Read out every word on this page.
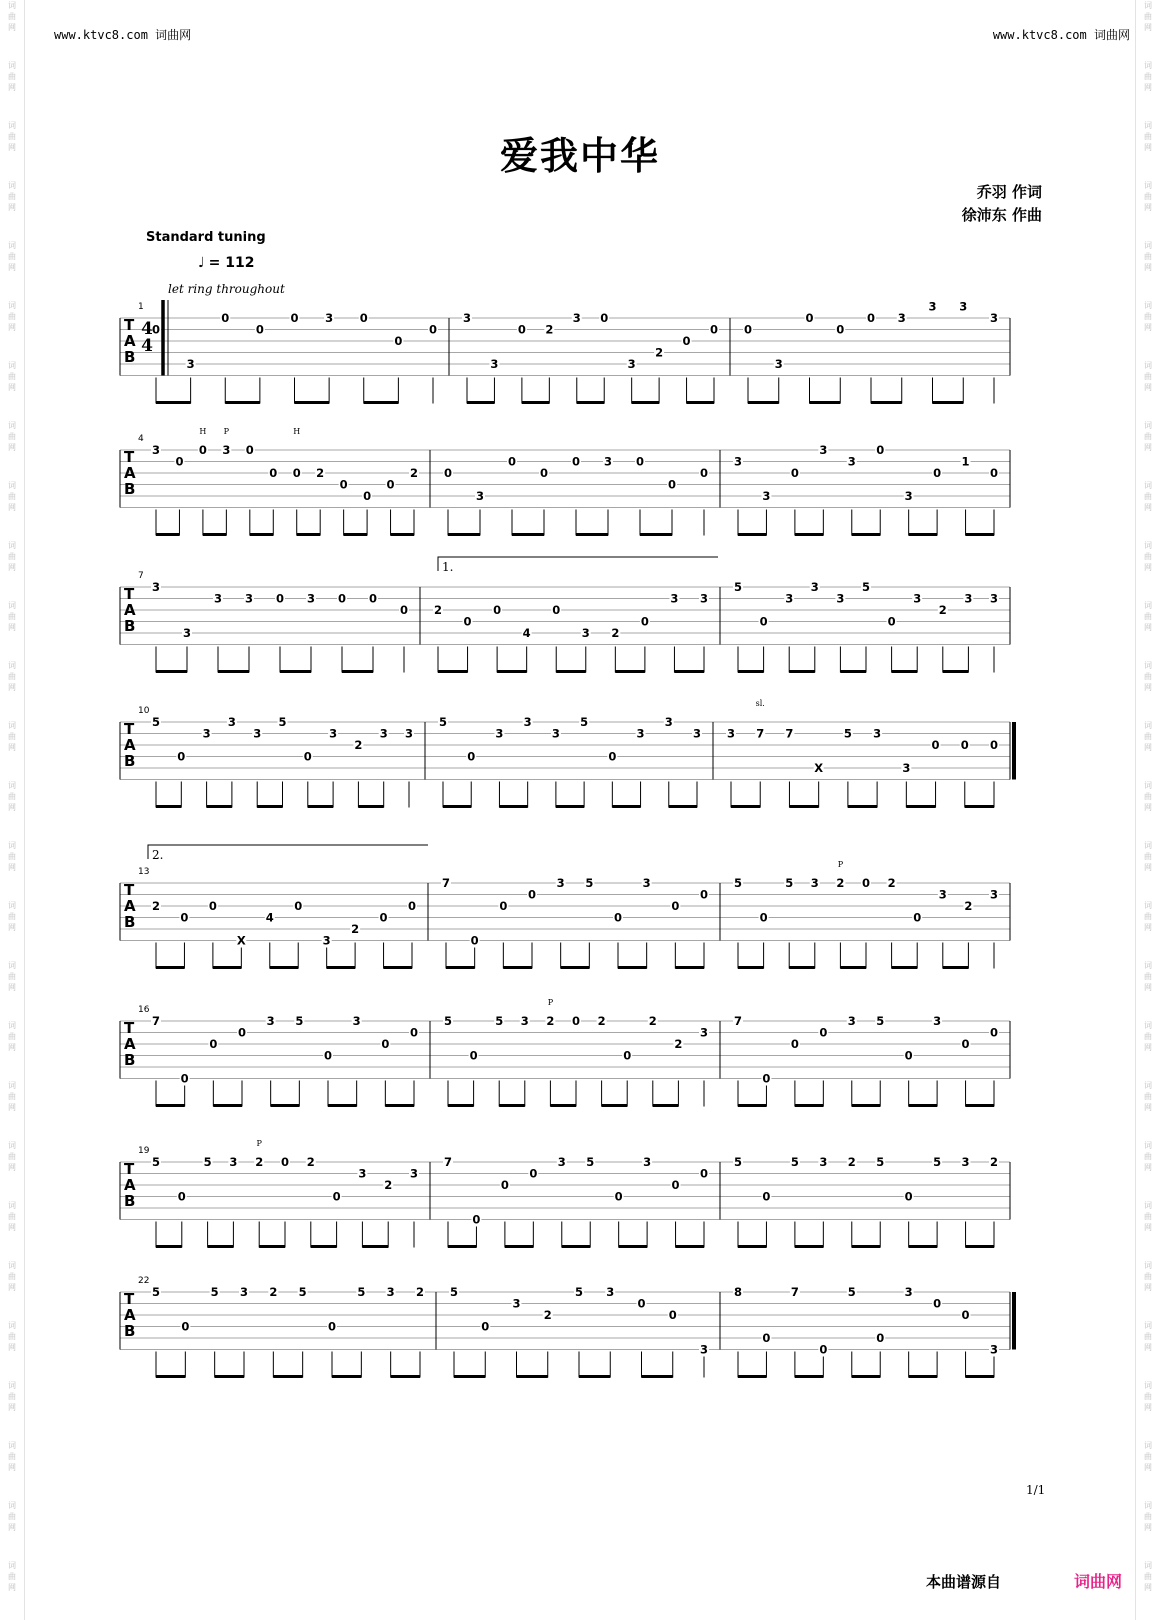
词
曲
网
词
曲
网
词
曲
网
词
曲
网
词
曲
网
词
曲
网
词
曲
网
词
曲
网
词
曲
网
词
曲
网
词
曲
网
词
曲
网
词
曲
网
词
曲
网
词
曲
网
词
曲
网
词
曲
网
词
曲
网
词
曲
网
词
曲
网
词
曲
网
词
曲
网
词
曲
网
词
曲
网
词
曲
网
词
曲
网
词
曲
网
词
曲
网
词
曲
网
词
曲
网
词
曲
网
词
曲
网
词
曲
网
词
曲
网
词
曲
网
词
曲
网
词
曲
网
词
曲
网
词
曲
网
词
曲
网
词
曲
网
词
曲
网
词
曲
网
词
曲
网
词
曲
网
词
曲
网
词
曲
网
词
曲
网
词
曲
网
词
曲
网
词
曲
网
词
曲
网
词
曲
网
词
曲
网
www.ktvc8.com 词曲网	www.ktvc8.com 词曲网
爱我中华
乔羽 作词
徐沛东 作曲
Standard tuning
♩ = 112
let ring throughout
1
T
A
B
0
3
0
0
0 3 0
0
0
3
3
0 2
3 0
3
2
0
0 0
3
0
0
0 3
3 3
3
4
4
4
T
A
B
3
0
0
H
3
P
0
0 0
H
2
0
0
0
2 0
3
0
0
0 3 0
0
0
3
3
0
3
3
0
3
0
1
0
7
T
A
B
3
3
3 3 0 3 0 0
0 2
0
0
4
0
3 2
0
3 3
5
0
3
3
3
5
0
3
2
3 3
10
T
A
B
5
0
3
3
3
5
0
3
2
3 3
5
0
3
3
3
5
0
3
3
3 3 7
sl.
7
X
5 3
3
0 0 0
13
T
A
B
2
0
0
X
4
0
3
2
0
0
7
0
0
0
3 5
0
3
0
0
5
0
5 3 2
P
0 2
0
3
2
3
16
T
A
B
7
0
0
0
3 5
0
3
0
0
5
0
5 3 2
P
0 2
0
2
2
3
7
0
0
0
3 5
0
3
0
0
19
T
A
B
5
0
5 3 2
P
0 2
0
3
2
3
7
0
0
0
3 5
0
3
0
0
5
0
5 3 2 5
0
5 3 2
22
T
A
B
5
0
5 3 2 5
0
5 3 2 5
0
3
2
5 3
0
0
3
8
0
7
0
5
0
3
0
0
3
1.
2.
1/1
本曲谱源自	词曲网
